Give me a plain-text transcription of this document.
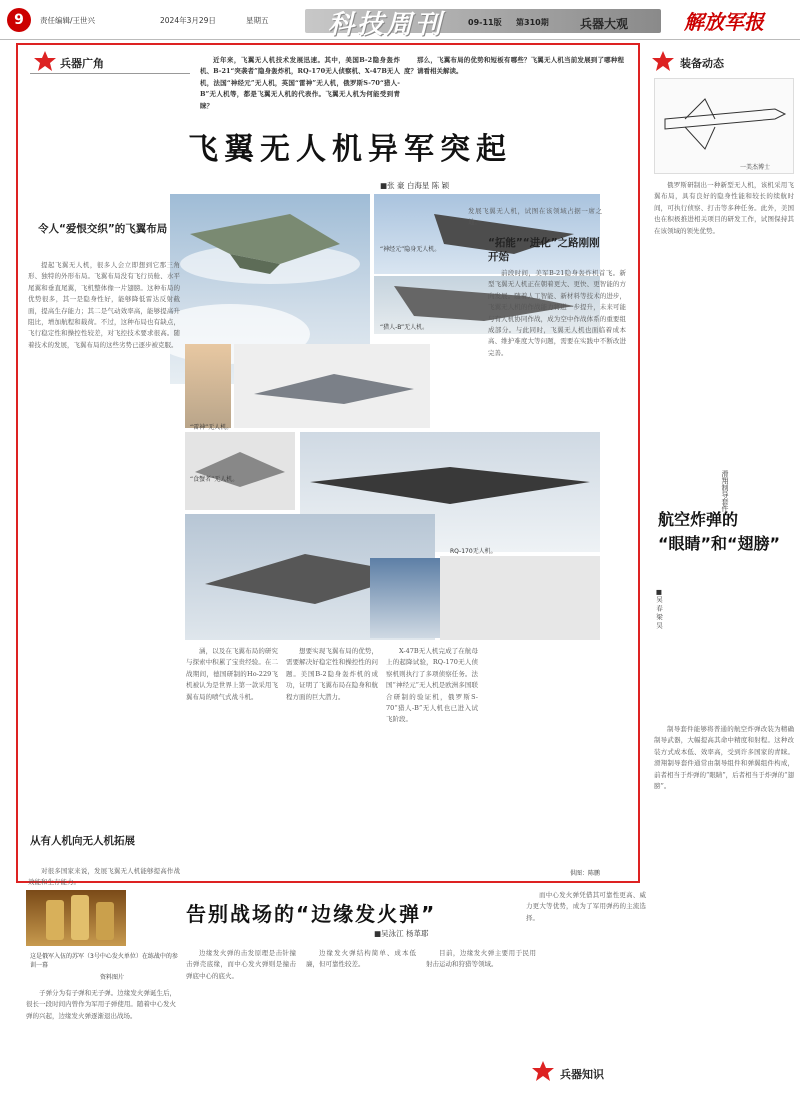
9	责任编辑/王世兴	2024年3月29日	星期五 科技周刊	09-11版 第310期	兵器大观	解放军报
兵器广角	近年来，飞翼无人机技术发展迅速。其中，美国B-2隐身轰炸机、B-21“突袭者”隐身轰炸机，RQ-170无人侦察机、X-47B无人机，法国“神经元”无人机，英国“雷神”无人机，俄罗斯S-70“猎人-B”无人机等，都是飞翼无人机的代表作。飞翼无人机为何能受到青睐？
那么，飞翼布局的优势和短板有哪些？飞翼无人机当前发展到了哪种程度？请看相关解读。
飞翼无人机异军突起
■张 豪 白海星 陈 颖
“神经元”隐身无人机。
“猎人-B”无人机。
“雷神”无人机。
“食蟹者”无人机。
RQ-170无人机。
发展飞翼无人机，试图在该领域占据一席之地。
“拓能”“进化”之路刚刚开始
前段时间，美军B-21隐身轰炸机首飞。新型飞翼无人机正在朝着更大、更快、更智能的方向发展。随着人工智能、新材料等技术的进步，飞翼无人机的作战能力将进一步提升，未来可能与有人机协同作战，成为空中作战体系的重要组成部分。与此同时，飞翼无人机也面临着成本高、维护难度大等问题，需要在实践中不断改进完善。
令人“爱恨交织”的飞翼布局
提起飞翼无人机，很多人会立即想到它那三角形、独特的外形布局。飞翼布局没有飞行员舱、水平尾翼和垂直尾翼，飞机整体像一片翅膀。这种布局的优势很多，其一是隐身性好，能够降低雷达反射截面，提高生存能力；其二是气动效率高，能够提高升阻比，增加航程和载荷。不过，这种布局也有缺点，飞行稳定性和操控性较差，对飞控技术要求很高。随着技术的发展，飞翼布局的这些劣势已逐步被克服。
从有人机向无人机拓展
对很多国家来说，发展飞翼无人机能够提高作战效能和生存能力。
涵，以及在飞翼布局的研究与探索中积累了宝贵经验。在二战期间，德国研制的Ho-229飞机被认为是世界上第一款采用飞翼布局的喷气式战斗机。
想要实现飞翼布局的优势，需要解决好稳定性和操控性的问题。美国B-2隐身轰炸机的成功，证明了飞翼布局在隐身和航程方面的巨大潜力。
X-47B无人机完成了在航母上的起降试验，RQ-170无人侦察机则执行了多项侦察任务。法国“神经元”无人机是欧洲多国联合研制的验证机，俄罗斯S-70“猎人-B”无人机也已进入试飞阶段。
供图：陈鹏
装备动态
一美杰博士
俄罗斯研制出一种新型无人机，该机采用飞翼布局，具有良好的隐身性能和较长的续航时间，可执行侦察、打击等多种任务。此外，美国也在积极推进相关项目的研发工作，试图保持其在该领域的领先优势。
滑翔制导套件——
航空炸弹的
“眼睛”和“翅膀”
■吴 春 梁 昊
制导套件能够将普通的航空炸弹改装为精确制导武器，大幅提高其命中精度和射程。这种改装方式成本低、效率高，受到许多国家的青睐。滑翔制导套件通常由制导组件和弹翼组件构成，前者相当于炸弹的“眼睛”，后者相当于炸弹的“翅膀”。
这是俄军入伍的苏军（3号中心发火单位）在练战中的参训一幕
资料图片
告别战场的“边缘发火弹”
■吴泳江 杨革耶
子弹分为有子弹和无子弹。边缘发火弹诞生后，很长一段时间内曾作为军用子弹使用。随着中心发火弹的兴起，边缘发火弹逐渐退出战场。
边缘发火弹的击发原理是击针撞击弹壳底缘，而中心发火弹则是撞击弹底中心的底火。
边缘发火弹结构简单、成本低廉，但可靠性较差。
目前，边缘发火弹主要用于民用射击运动和狩猎等领域。
而中心发火弹凭借其可靠性更高、威力更大等优势，成为了军用弹药的主流选择。
兵器知识
